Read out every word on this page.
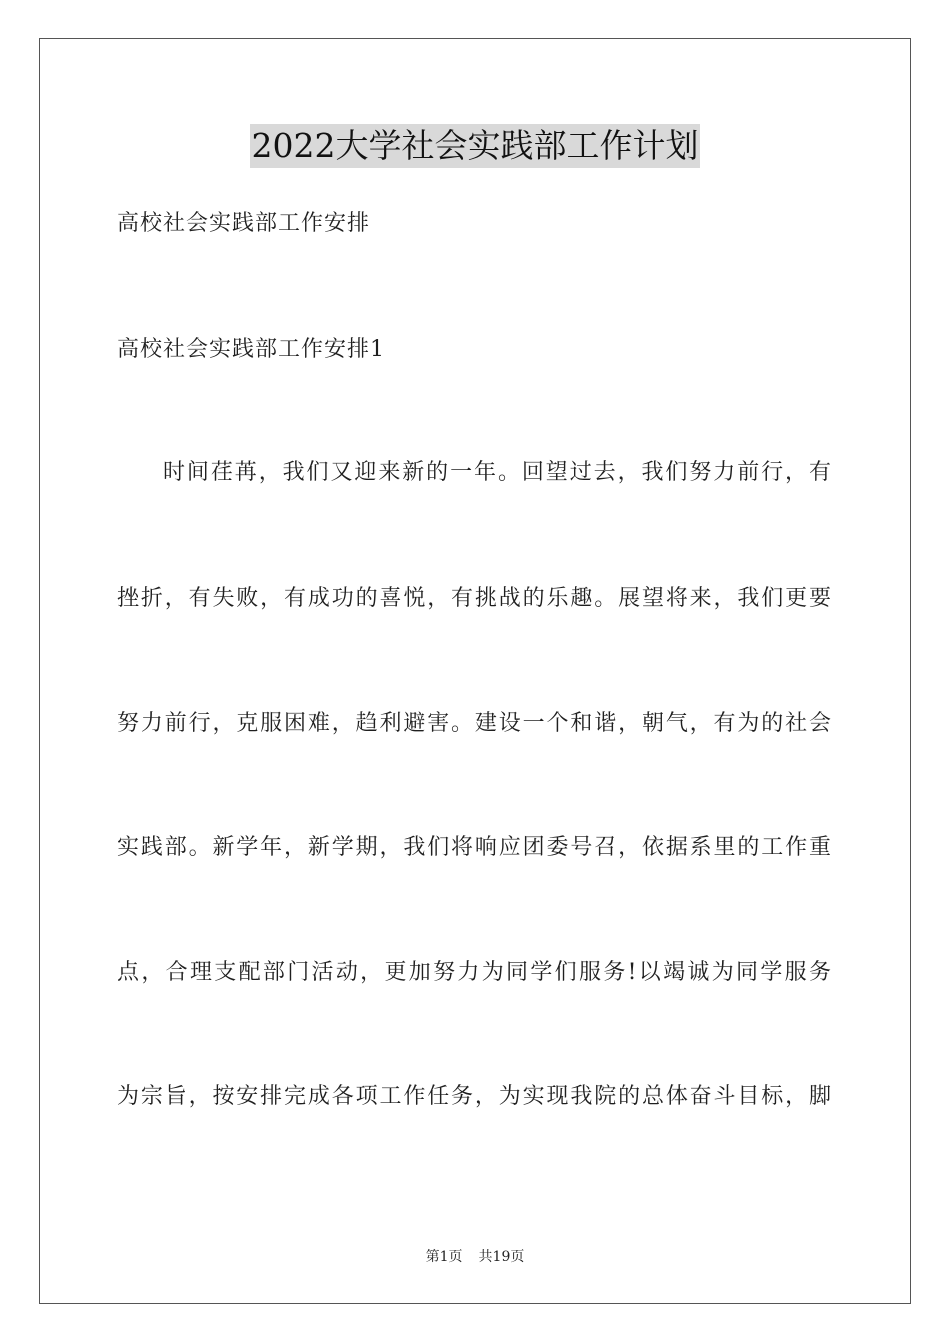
2022大学社会实践部工作计划
高校社会实践部工作安排
高校社会实践部工作安排1
时间荏苒，我们又迎来新的一年。回望过去，我们努力前行，有
挫折，有失败，有成功的喜悦，有挑战的乐趣。展望将来，我们更要
努力前行，克服困难，趋利避害。建设一个和谐，朝气，有为的社会
实践部。新学年，新学期，我们将响应团委号召，依据系里的工作重
点，合理支配部门活动，更加努力为同学们服务!以竭诚为同学服务
为宗旨，按安排完成各项工作任务，为实现我院的总体奋斗目标，脚
第1页 共19页
